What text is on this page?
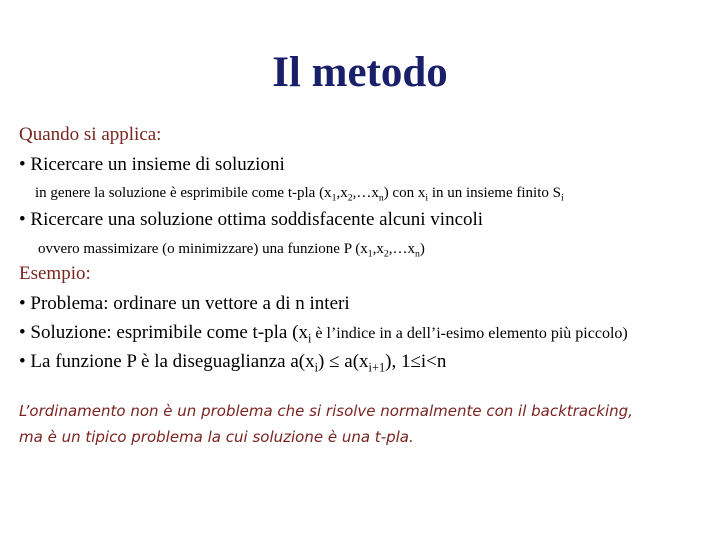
Il metodo
Quando si applica:
• Ricercare un insieme di soluzioni
in genere la soluzione è esprimibile come t-pla $(x_1,x_2,\dots x_n)$ con $x_i$ in un insieme finito $S_i$
• Ricercare una soluzione ottima soddisfacente alcuni vincoli
ovvero massimizare (o minimizzare) una funzione P $(x_1,x_2,\dots x_n)$
Esempio:
• Problema: ordinare un vettore a di n interi
• Soluzione: esprimibile come t-pla ($x_i$ è l’indice in a dell’i-esimo elemento più piccolo)
• La funzione P è la diseguaglianza $a(x_i) \le a(x_{i+1})$, 1≤i<n
L’ordinamento non è un problema che si risolve normalmente con il backtracking,
ma è un tipico problema la cui soluzione è una t-pla.
